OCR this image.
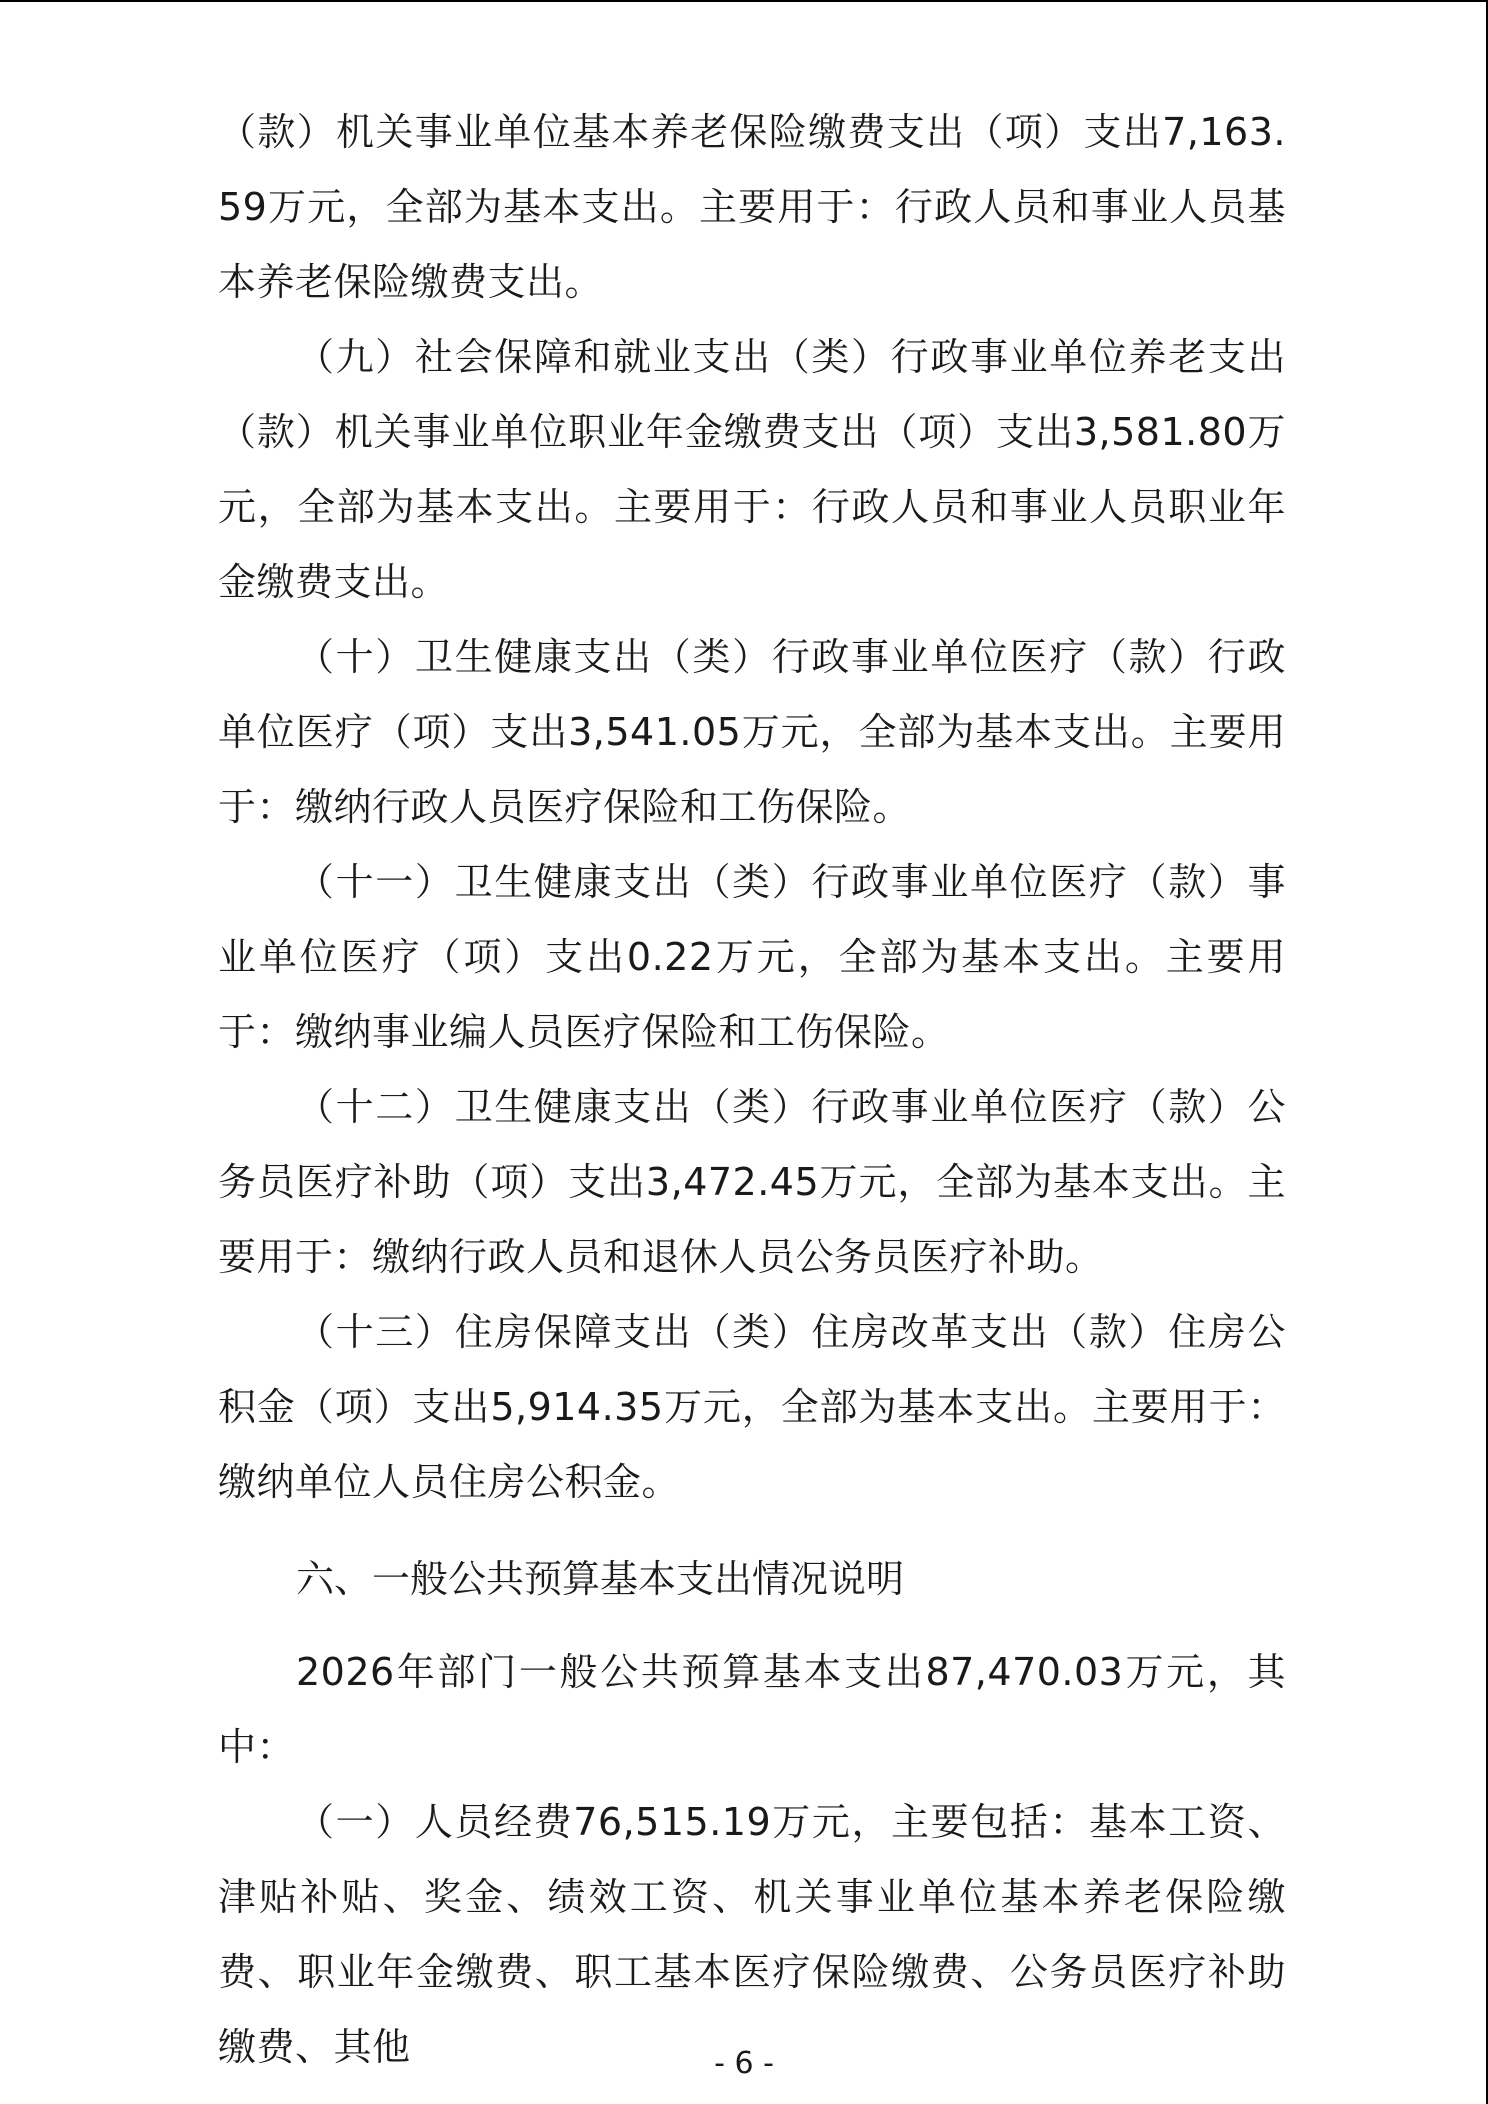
（款）机关事业单位基本养老保险缴费支出（项）支出7,163.59万元，全部为基本支出。主要用于：行政人员和事业人员基本养老保险缴费支出。

（九）社会保障和就业支出（类）行政事业单位养老支出（款）机关事业单位职业年金缴费支出（项）支出3,581.80万元，全部为基本支出。主要用于：行政人员和事业人员职业年金缴费支出。

（十）卫生健康支出（类）行政事业单位医疗（款）行政单位医疗（项）支出3,541.05万元，全部为基本支出。主要用于：缴纳行政人员医疗保险和工伤保险。

（十一）卫生健康支出（类）行政事业单位医疗（款）事业单位医疗（项）支出0.22万元，全部为基本支出。主要用于：缴纳事业编人员医疗保险和工伤保险。

（十二）卫生健康支出（类）行政事业单位医疗（款）公务员医疗补助（项）支出3,472.45万元，全部为基本支出。主要用于：缴纳行政人员和退休人员公务员医疗补助。

（十三）住房保障支出（类）住房改革支出（款）住房公积金（项）支出5,914.35万元，全部为基本支出。主要用于：缴纳单位人员住房公积金。

六、一般公共预算基本支出情况说明

2026年部门一般公共预算基本支出87,470.03万元，其中：

（一）人员经费76,515.19万元，主要包括：基本工资、津贴补贴、奖金、绩效工资、机关事业单位基本养老保险缴费、职业年金缴费、职工基本医疗保险缴费、公务员医疗补助缴费、其他	- 6 -
